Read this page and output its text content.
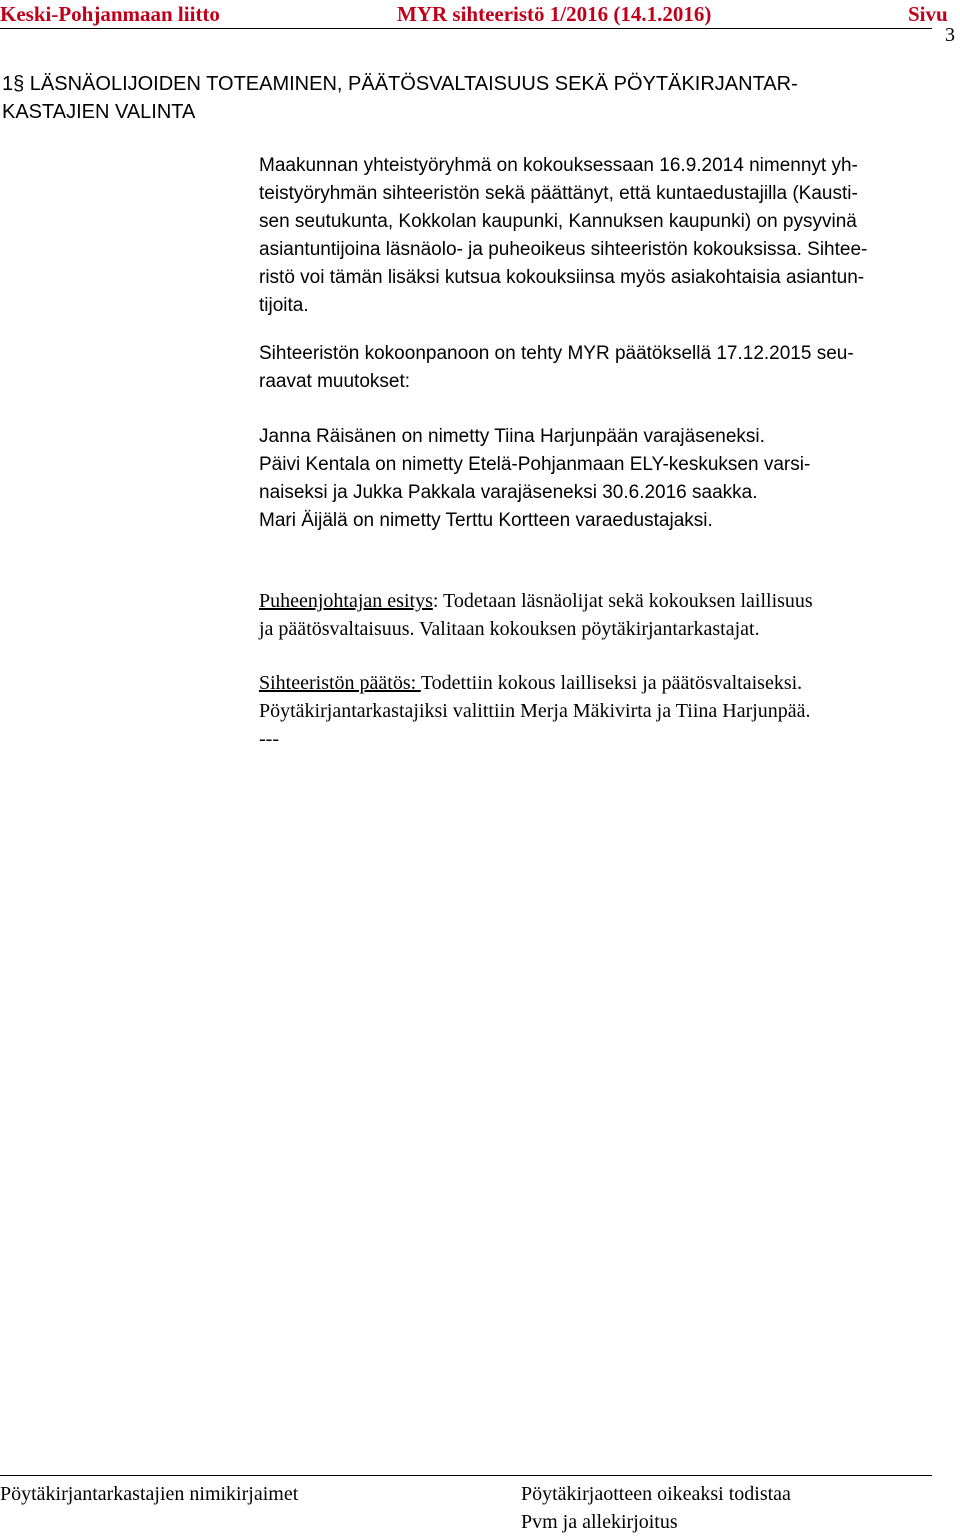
Keski-Pohjanmaan liitto	MYR sihteeristö 1/2016 (14.1.2016)	Sivu
3
1§ LÄSNÄOLIJOIDEN TOTEAMINEN, PÄÄTÖSVALTAISUUS SEKÄ PÖYTÄKIRJANTAR-
KASTAJIEN VALINTA
Maakunnan yhteistyöryhmä on kokouksessaan 16.9.2014 nimennyt yh-
teistyöryhmän sihteeristön sekä päättänyt, että kuntaedustajilla (Kausti-
sen seutukunta, Kokkolan kaupunki, Kannuksen kaupunki) on pysyvinä
asiantuntijoina läsnäolo- ja puheoikeus sihteeristön kokouksissa. Sihtee-
ristö voi tämän lisäksi kutsua kokouksiinsa myös asiakohtaisia asiantun-
tijoita.
Sihteeristön kokoonpanoon on tehty MYR päätöksellä 17.12.2015 seu-
raavat muutokset:
Janna Räisänen on nimetty Tiina Harjunpään varajäseneksi.
Päivi Kentala on nimetty Etelä-Pohjanmaan ELY-keskuksen varsi-
naiseksi ja Jukka Pakkala varajäseneksi 30.6.2016 saakka.
Mari Äijälä on nimetty Terttu Kortteen varaedustajaksi.
Puheenjohtajan esitys: Todetaan läsnäolijat sekä kokouksen laillisuus
ja päätösvaltaisuus. Valitaan kokouksen pöytäkirjantarkastajat.
Sihteeristön päätös: Todettiin kokous lailliseksi ja päätösvaltaiseksi.
Pöytäkirjantarkastajiksi valittiin Merja Mäkivirta ja Tiina Harjunpää.
---
Pöytäkirjantarkastajien nimikirjaimet	Pöytäkirjaotteen oikeaksi todistaa
Pvm ja allekirjoitus
